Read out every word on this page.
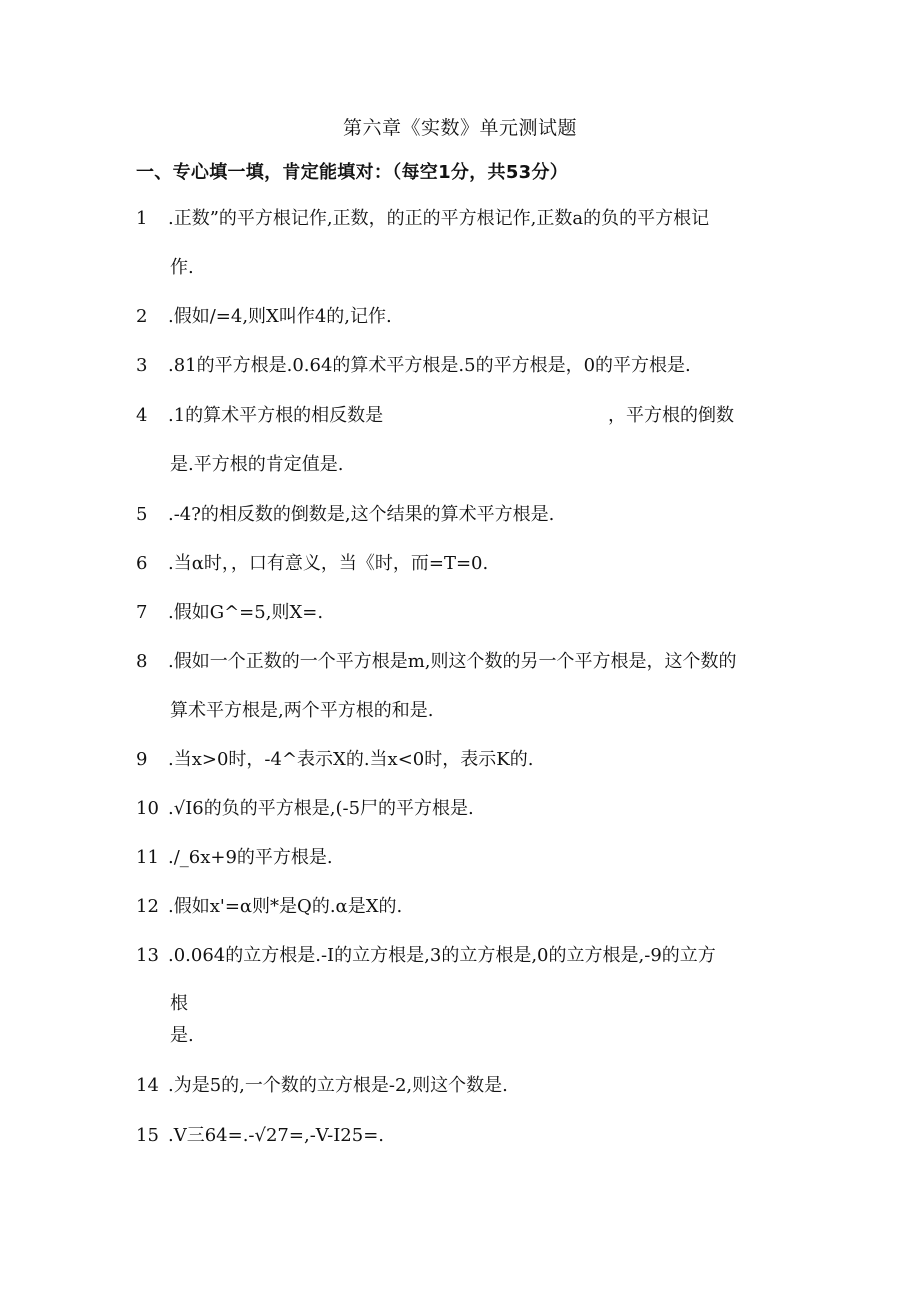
第六章《实数》单元测试题
一、专心填一填，肯定能填对：（每空1分，共53分）
1 .正数”的平方根记作,正数，的正的平方根记作,正数a的负的平方根记
作.
2 .假如/=4,则X叫作4的,记作.
3 .81的平方根是.0.64的算术平方根是.5的平方根是，0的平方根是.
4 .1的算术平方根的相反数是	，平方根的倒数
是.平方根的肯定值是.
5 .-4?的相反数的倒数是,这个结果的算术平方根是.
6 .当α时，，口有意义，当《时，而=T=0.
7 .假如G^=5,则X=.
8 .假如一个正数的一个平方根是m,则这个数的另一个平方根是，这个数的
算术平方根是,两个平方根的和是.
9 .当x>0时，-4^表示X的.当x<0时，表示K的.
10 .√I6的负的平方根是,(-5尸的平方根是.
11 ./_6x+9的平方根是.
12 .假如x'=α则*是Q的.α是X的.
13 .0.064的立方根是.-I的立方根是,3的立方根是,0的立方根是,-9的立方
根
是.
14 .为是5的,一个数的立方根是-2,则这个数是.
15 .V三64=.-√27=,-V-I25=.
